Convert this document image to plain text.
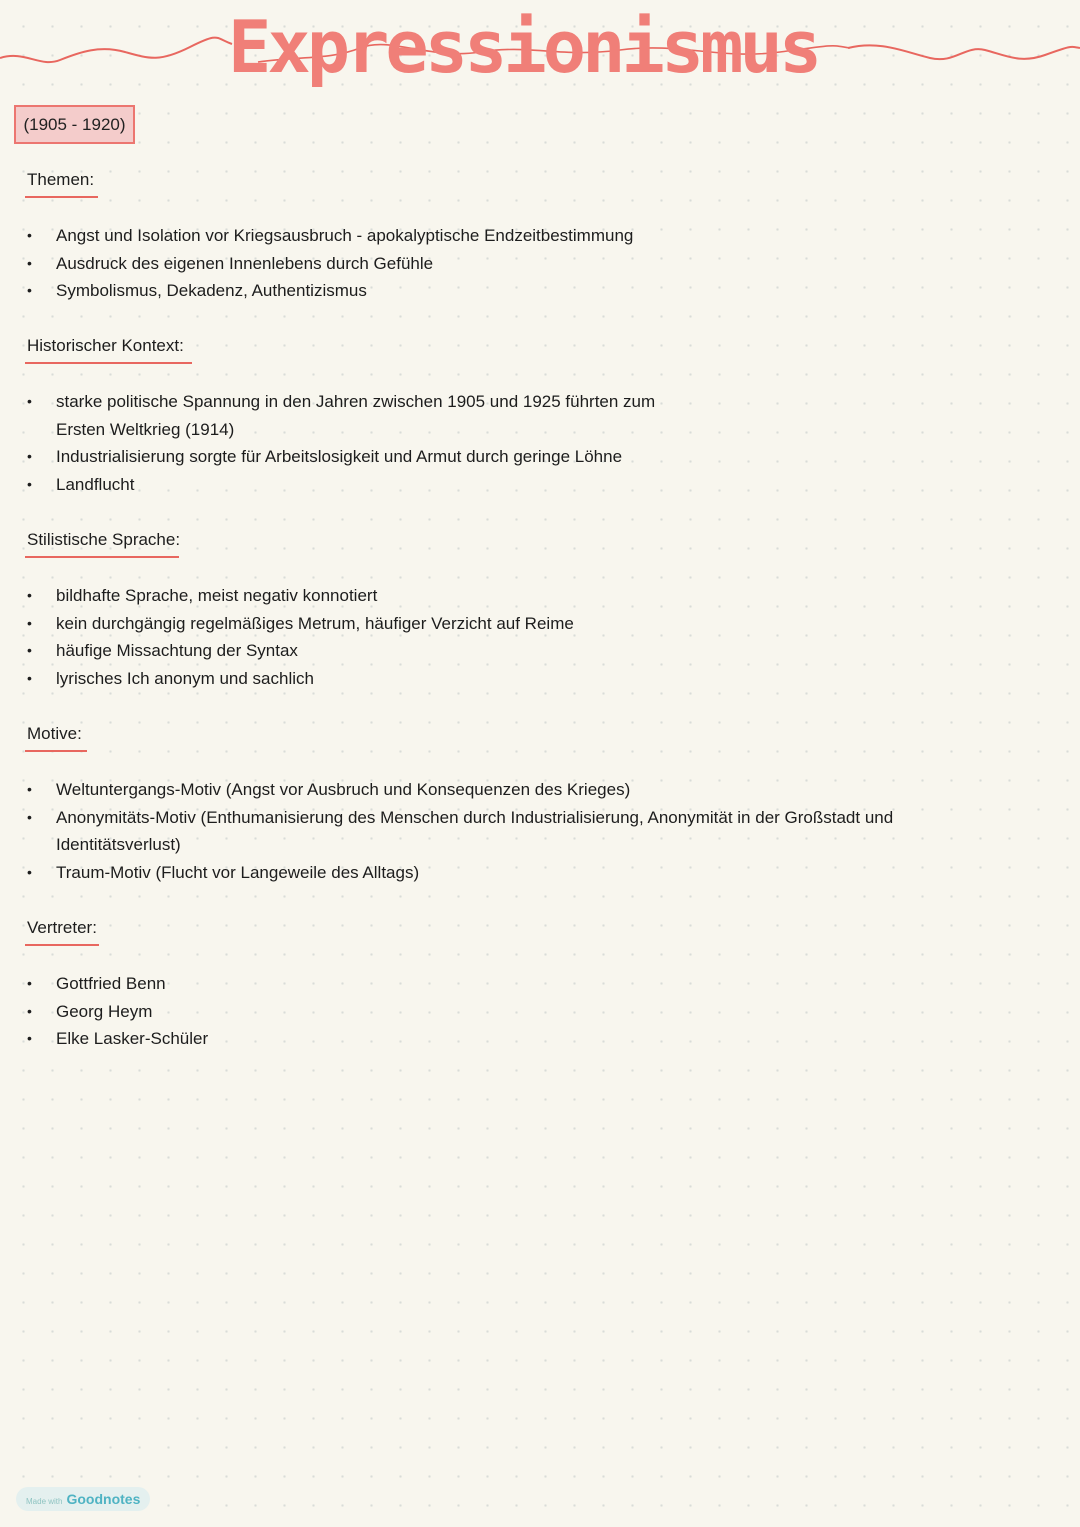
Expressionismus
(1905 - 1920)
Themen:
• Angst und Isolation vor Kriegsausbruch - apokalyptische Endzeitbestimmung
• Ausdruck des eigenen Innenlebens durch Gefühle
• Symbolismus, Dekadenz, Authentizismus
Historischer Kontext:
• starke politische Spannung in den Jahren zwischen 1905 und 1925 führten zum Ersten Weltkrieg (1914)
• Industrialisierung sorgte für Arbeitslosigkeit und Armut durch geringe Löhne
• Landflucht
Stilistische Sprache:
• bildhafte Sprache, meist negativ konnotiert
• kein durchgängig regelmäßiges Metrum, häufiger Verzicht auf Reime
• häufige Missachtung der Syntax
• lyrisches Ich anonym und sachlich
Motive:
• Weltuntergangs-Motiv (Angst vor Ausbruch und Konsequenzen des Krieges)
• Anonymitäts-Motiv (Enthumanisierung des Menschen durch Industrialisierung, Anonymität in der Großstadt und Identitätsverlust)
• Traum-Motiv (Flucht vor Langeweile des Alltags)
Vertreter:
• Gottfried Benn
• Georg Heym
• Elke Lasker-Schüler
Made with Goodnotes
